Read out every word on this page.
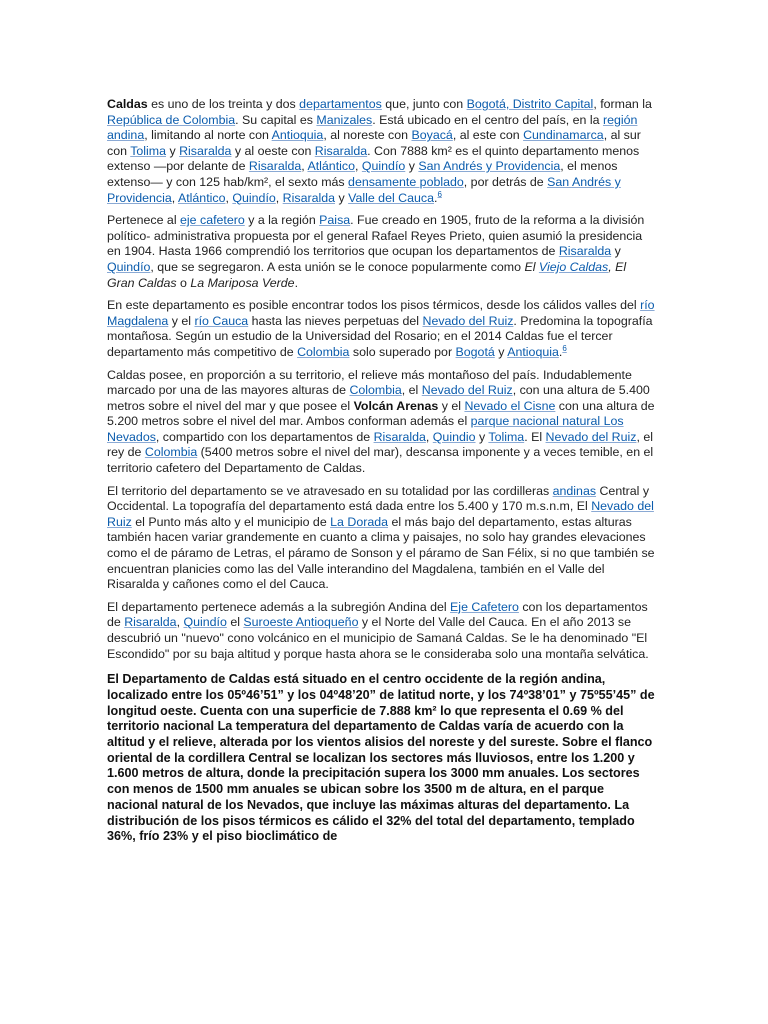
Caldas es uno de los treinta y dos departamentos que, junto con Bogotá, Distrito Capital, forman la República de Colombia. Su capital es Manizales. Está ubicado en el centro del país, en la región andina, limitando al norte con Antioquia, al noreste con Boyacá, al este con Cundinamarca, al sur con Tolima y Risaralda y al oeste con Risaralda. Con 7888 km² es el quinto departamento menos extenso —por delante de Risaralda, Atlántico, Quindío y San Andrés y Providencia, el menos extenso— y con 125 hab/km², el sexto más densamente poblado, por detrás de San Andrés y Providencia, Atlántico, Quindío, Risaralda y Valle del Cauca.$^6$

Pertenece al eje cafetero y a la región Paisa. Fue creado en 1905, fruto de la reforma a la división político- administrativa propuesta por el general Rafael Reyes Prieto, quien asumió la presidencia en 1904. Hasta 1966 comprendió los territorios que ocupan los departamentos de Risaralda y Quindío, que se segregaron. A esta unión se le conoce popularmente como El Viejo Caldas, El Gran Caldas o La Mariposa Verde.

En este departamento es posible encontrar todos los pisos térmicos, desde los cálidos valles del río Magdalena y el río Cauca hasta las nieves perpetuas del Nevado del Ruiz. Predomina la topografía montañosa. Según un estudio de la Universidad del Rosario; en el 2014 Caldas fue el tercer departamento más competitivo de Colombia solo superado por Bogotá y Antioquia.$^6$

Caldas posee, en proporción a su territorio, el relieve más montañoso del país. Indudablemente marcado por una de las mayores alturas de Colombia, el Nevado del Ruiz, con una altura de 5.400 metros sobre el nivel del mar y que posee el Volcán Arenas y el Nevado el Cisne con una altura de 5.200 metros sobre el nivel del mar. Ambos conforman además el parque nacional natural Los Nevados, compartido con los departamentos de Risaralda, Quindio y Tolima. El Nevado del Ruiz, el rey de Colombia (5400 metros sobre el nivel del mar), descansa imponente y a veces temible, en el territorio cafetero del Departamento de Caldas.

El territorio del departamento se ve atravesado en su totalidad por las cordilleras andinas Central y Occidental. La topografía del departamento está dada entre los 5.400 y 170 m.s.n.m, El Nevado del Ruiz el Punto más alto y el municipio de La Dorada el más bajo del departamento, estas alturas también hacen variar grandemente en cuanto a clima y paisajes, no solo hay grandes elevaciones como el de páramo de Letras, el páramo de Sonson y el páramo de San Félix, si no que también se encuentran planicies como las del Valle interandino del Magdalena, también en el Valle del Risaralda y cañones como el del Cauca.

El departamento pertenece además a la subregión Andina del Eje Cafetero con los departamentos de Risaralda, Quindío el Suroeste Antioqueño y el Norte del Valle del Cauca. En el año 2013 se descubrió un "nuevo" cono volcánico en el municipio de Samaná Caldas. Se le ha denominado "El Escondido" por su baja altitud y porque hasta ahora se le consideraba solo una montaña selvática.

El Departamento de Caldas está situado en el centro occidente de la región andina, localizado entre los 05º46’51” y los 04º48’20” de latitud norte, y los 74º38’01” y 75º55’45” de longitud oeste. Cuenta con una superficie de 7.888 km² lo que representa el 0.69 % del territorio nacional La temperatura del departamento de Caldas varía de acuerdo con la altitud y el relieve, alterada por los vientos alisios del noreste y del sureste. Sobre el flanco oriental de la cordillera Central se localizan los sectores más lluviosos, entre los 1.200 y 1.600 metros de altura, donde la precipitación supera los 3000 mm anuales. Los sectores con menos de 1500 mm anuales se ubican sobre los 3500 m de altura, en el parque nacional natural de los Nevados, que incluye las máximas alturas del departamento. La distribución de los pisos térmicos es cálido el 32% del total del departamento, templado 36%, frío 23% y el piso bioclimático de
